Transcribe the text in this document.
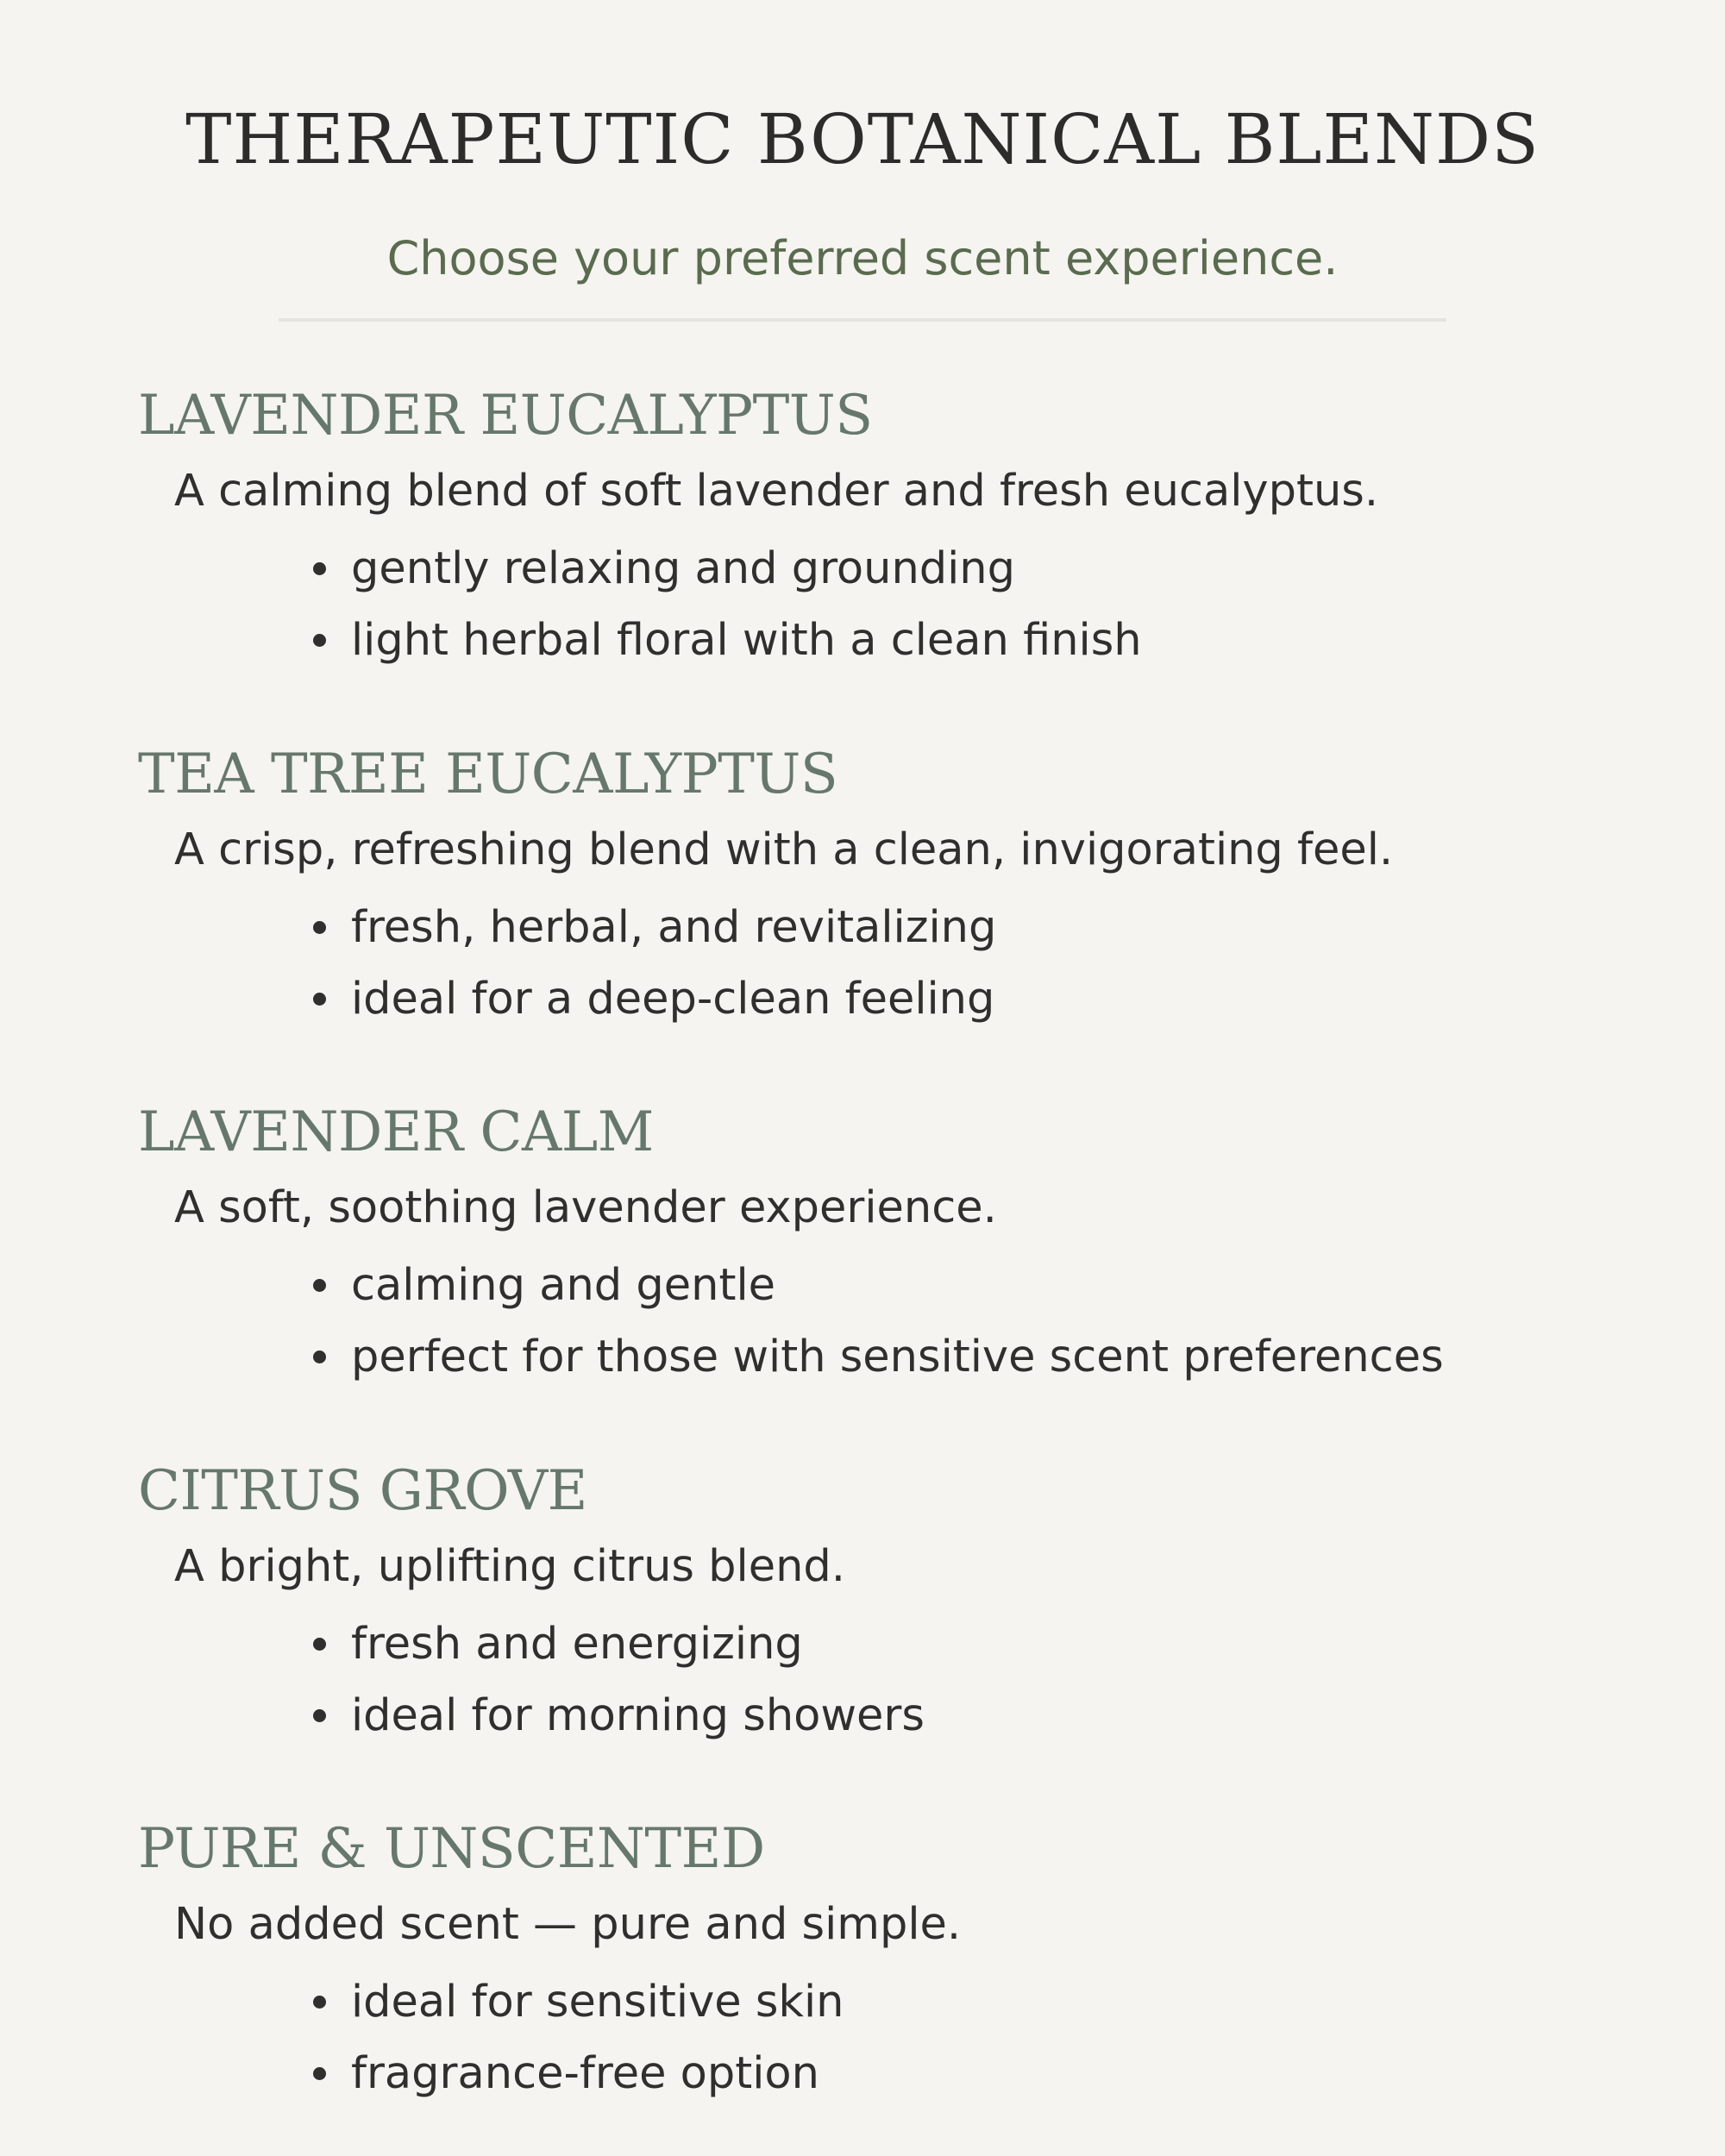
THERAPEUTIC BOTANICAL BLENDS
Choose your preferred scent experience.
LAVENDER EUCALYPTUS

A calming blend of soft lavender and fresh eucalyptus.

gently relaxing and grounding
light herbal floral with a clean finish
TEA TREE EUCALYPTUS

A crisp, refreshing blend with a clean, invigorating feel.

fresh, herbal, and revitalizing
ideal for a deep-clean feeling
LAVENDER CALM

A soft, soothing lavender experience.

calming and gentle
perfect for those with sensitive scent preferences
CITRUS GROVE

A bright, uplifting citrus blend.

fresh and energizing
ideal for morning showers
PURE & UNSCENTED

No added scent — pure and simple.

ideal for sensitive skin
fragrance-free option
